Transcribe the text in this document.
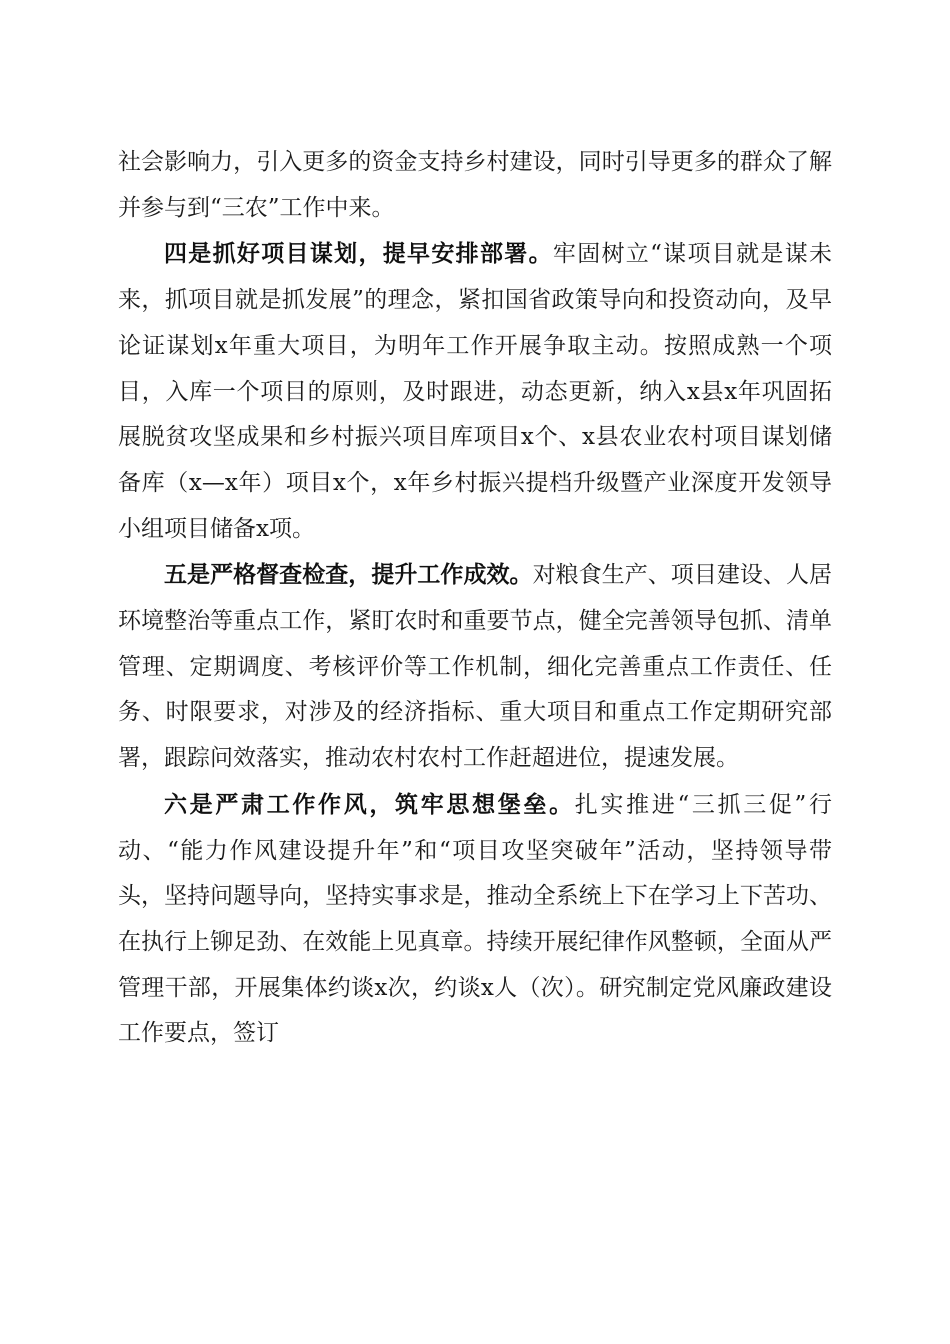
社会影响力，引入更多的资金支持乡村建设，同时引导更多的群众了解并参与到“三农”工作中来。

四是抓好项目谋划，提早安排部署。牢固树立“谋项目就是谋未来，抓项目就是抓发展”的理念，紧扣国省政策导向和投资动向，及早论证谋划x年重大项目，为明年工作开展争取主动。按照成熟一个项目，入库一个项目的原则，及时跟进，动态更新，纳入x县x年巩固拓展脱贫攻坚成果和乡村振兴项目库项目x个、x县农业农村项目谋划储备库（x—x年）项目x个，x年乡村振兴提档升级暨产业深度开发领导小组项目储备x项。

五是严格督查检查，提升工作成效。对粮食生产、项目建设、人居环境整治等重点工作，紧盯农时和重要节点，健全完善领导包抓、清单管理、定期调度、考核评价等工作机制，细化完善重点工作责任、任务、时限要求，对涉及的经济指标、重大项目和重点工作定期研究部署，跟踪问效落实，推动农村农村工作赶超进位，提速发展。

六是严肃工作作风，筑牢思想堡垒。扎实推进“三抓三促”行动、“能力作风建设提升年”和“项目攻坚突破年”活动，坚持领导带头，坚持问题导向，坚持实事求是，推动全系统上下在学习上下苦功、在执行上铆足劲、在效能上见真章。持续开展纪律作风整顿，全面从严管理干部，开展集体约谈x次，约谈x人（次）。研究制定党风廉政建设工作要点，签订
